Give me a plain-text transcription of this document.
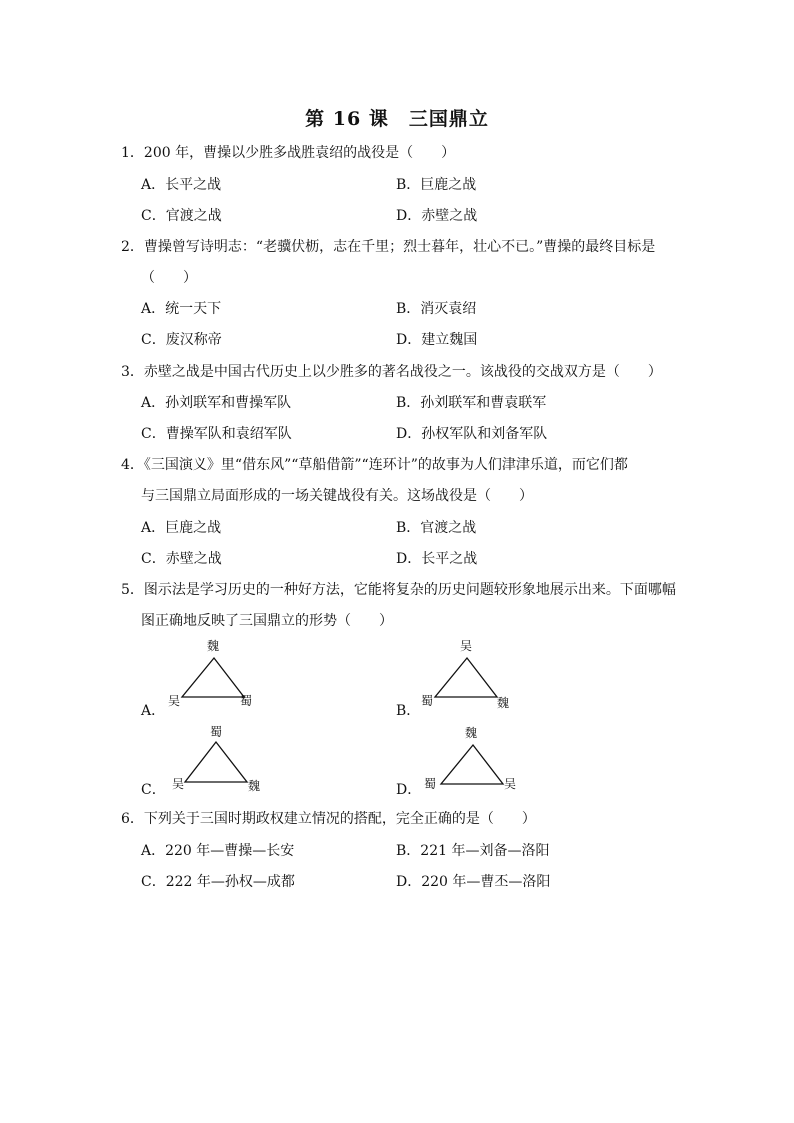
第 16 课　三国鼎立
1．200 年，曹操以少胜多战胜袁绍的战役是（　　）
A．长平之战	B．巨鹿之战
C．官渡之战	D．赤壁之战
2．曹操曾写诗明志：“老骥伏枥，志在千里；烈士暮年，壮心不已。”曹操的最终目标是
（　　）
A．统一天下	B．消灭袁绍
C．废汉称帝	D．建立魏国
3．赤壁之战是中国古代历史上以少胜多的著名战役之一。该战役的交战双方是（　　）
A．孙刘联军和曹操军队	B．孙刘联军和曹袁联军
C．曹操军队和袁绍军队	D．孙权军队和刘备军队
4．《三国演义》里“借东风”“草船借箭”“连环计”的故事为人们津津乐道，而它们都
与三国鼎立局面形成的一场关键战役有关。这场战役是（　　）
A．巨鹿之战	B．官渡之战
C．赤壁之战	D．长平之战
5．图示法是学习历史的一种好方法，它能将复杂的历史问题较形象地展示出来。下面哪幅
图正确地反映了三国鼎立的形势（　　）
A．
魏
吴	蜀
B．
吴
蜀	魏
C．
蜀
吴	魏	D．
魏
蜀	吴
6．下列关于三国时期政权建立情况的搭配，完全正确的是（　　）
A．220 年—曹操—长安	B．221 年—刘备—洛阳
C．222 年—孙权—成都	D．220 年—曹丕—洛阳
